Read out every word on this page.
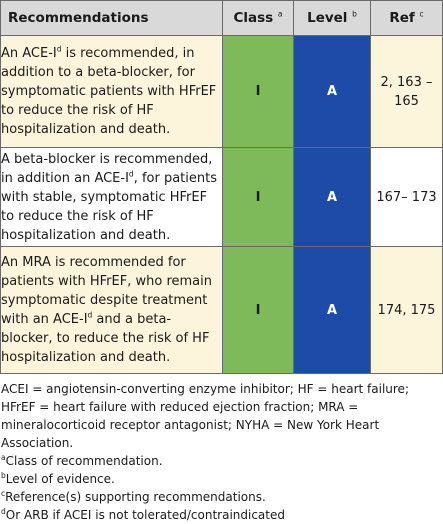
Recommendations	Class $^a$	Level $^b$	Ref $^c$
An ACE-$I^d$ is recommended, in addition to a beta-blocker, for symptomatic patients with HFrEF to reduce the risk of HF hospitalization and death.	I	A	2, 163 –165
A beta-blocker is recommended, in addition an ACE-$I^d$, for patients with stable, symptomatic HFrEF to reduce the risk of HF hospitalization and death.	I	A	167– 173
An MRA is recommended for patients with HFrEF, who remain symptomatic despite treatment with an ACE-$I^d$ and a beta-blocker, to reduce the risk of HF hospitalization and death.	I	A	174, 175

ACEI = angiotensin-converting enzyme inhibitor; HF = heart failure; HFrEF = heart failure with reduced ejection fraction; MRA = mineralocorticoid receptor antagonist; NYHA = New York Heart Association.

$^a$Class of recommendation.

$^b$Level of evidence.

$^c$Reference(s) supporting recommendations.

$^d$Or ARB if ACEI is not tolerated/contraindicated
